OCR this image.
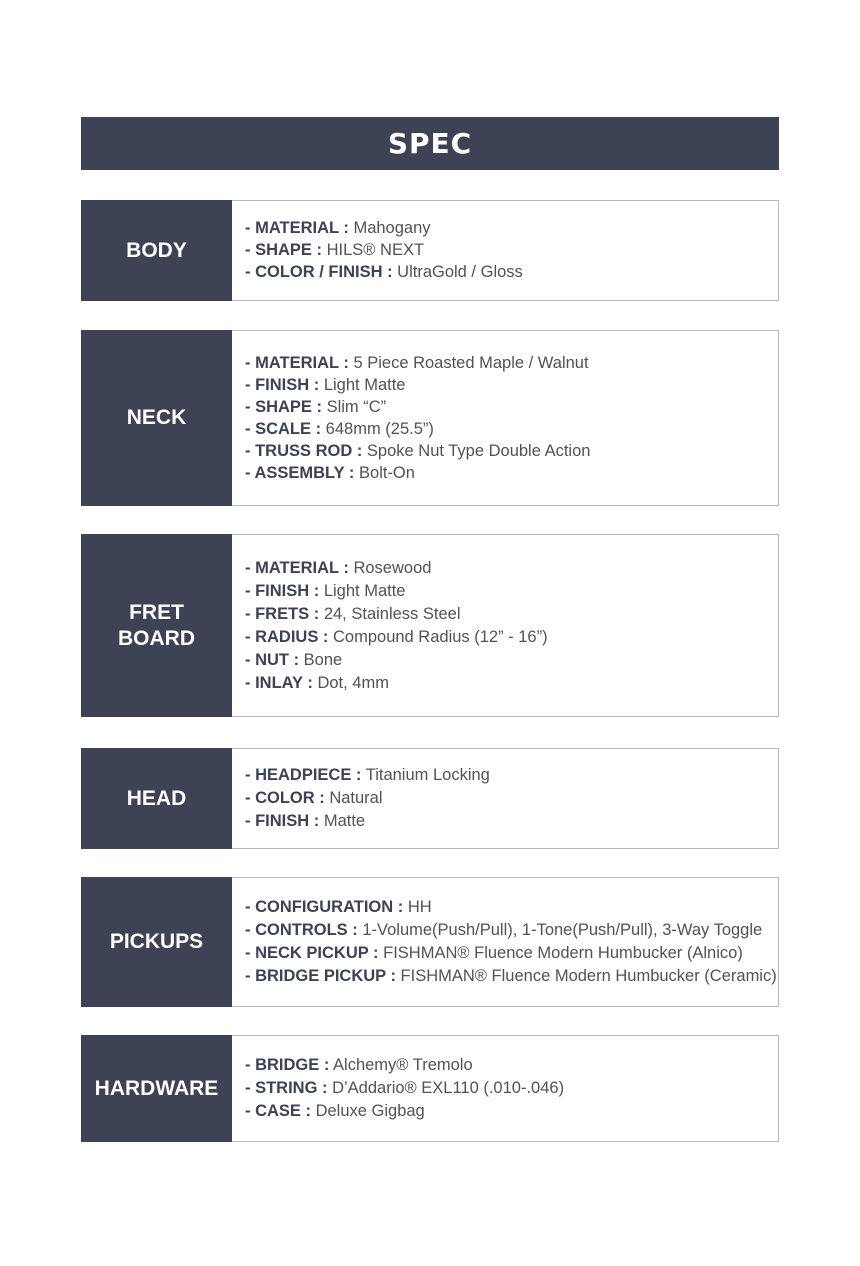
SPEC
BODY
- MATERIAL : Mahogany
- SHAPE : HILS® NEXT
- COLOR / FINISH : UltraGold / Gloss
NECK
- MATERIAL : 5 Piece Roasted Maple / Walnut
- FINISH : Light Matte
- SHAPE : Slim “C”
- SCALE : 648mm (25.5”)
- TRUSS ROD : Spoke Nut Type Double Action
- ASSEMBLY : Bolt-On
FRET
BOARD
- MATERIAL : Rosewood
- FINISH : Light Matte
- FRETS : 24, Stainless Steel
- RADIUS : Compound Radius (12” - 16”)
- NUT : Bone
- INLAY : Dot, 4mm
HEAD
- HEADPIECE : Titanium Locking
- COLOR : Natural
- FINISH : Matte
PICKUPS
- CONFIGURATION : HH
- CONTROLS : 1-Volume(Push/Pull), 1-Tone(Push/Pull), 3-Way Toggle
- NECK PICKUP : FISHMAN® Fluence Modern Humbucker (Alnico)
- BRIDGE PICKUP : FISHMAN® Fluence Modern Humbucker (Ceramic)
HARDWARE
- BRIDGE : Alchemy® Tremolo
- STRING : D’Addario® EXL110 (.010-.046)
- CASE : Deluxe Gigbag
